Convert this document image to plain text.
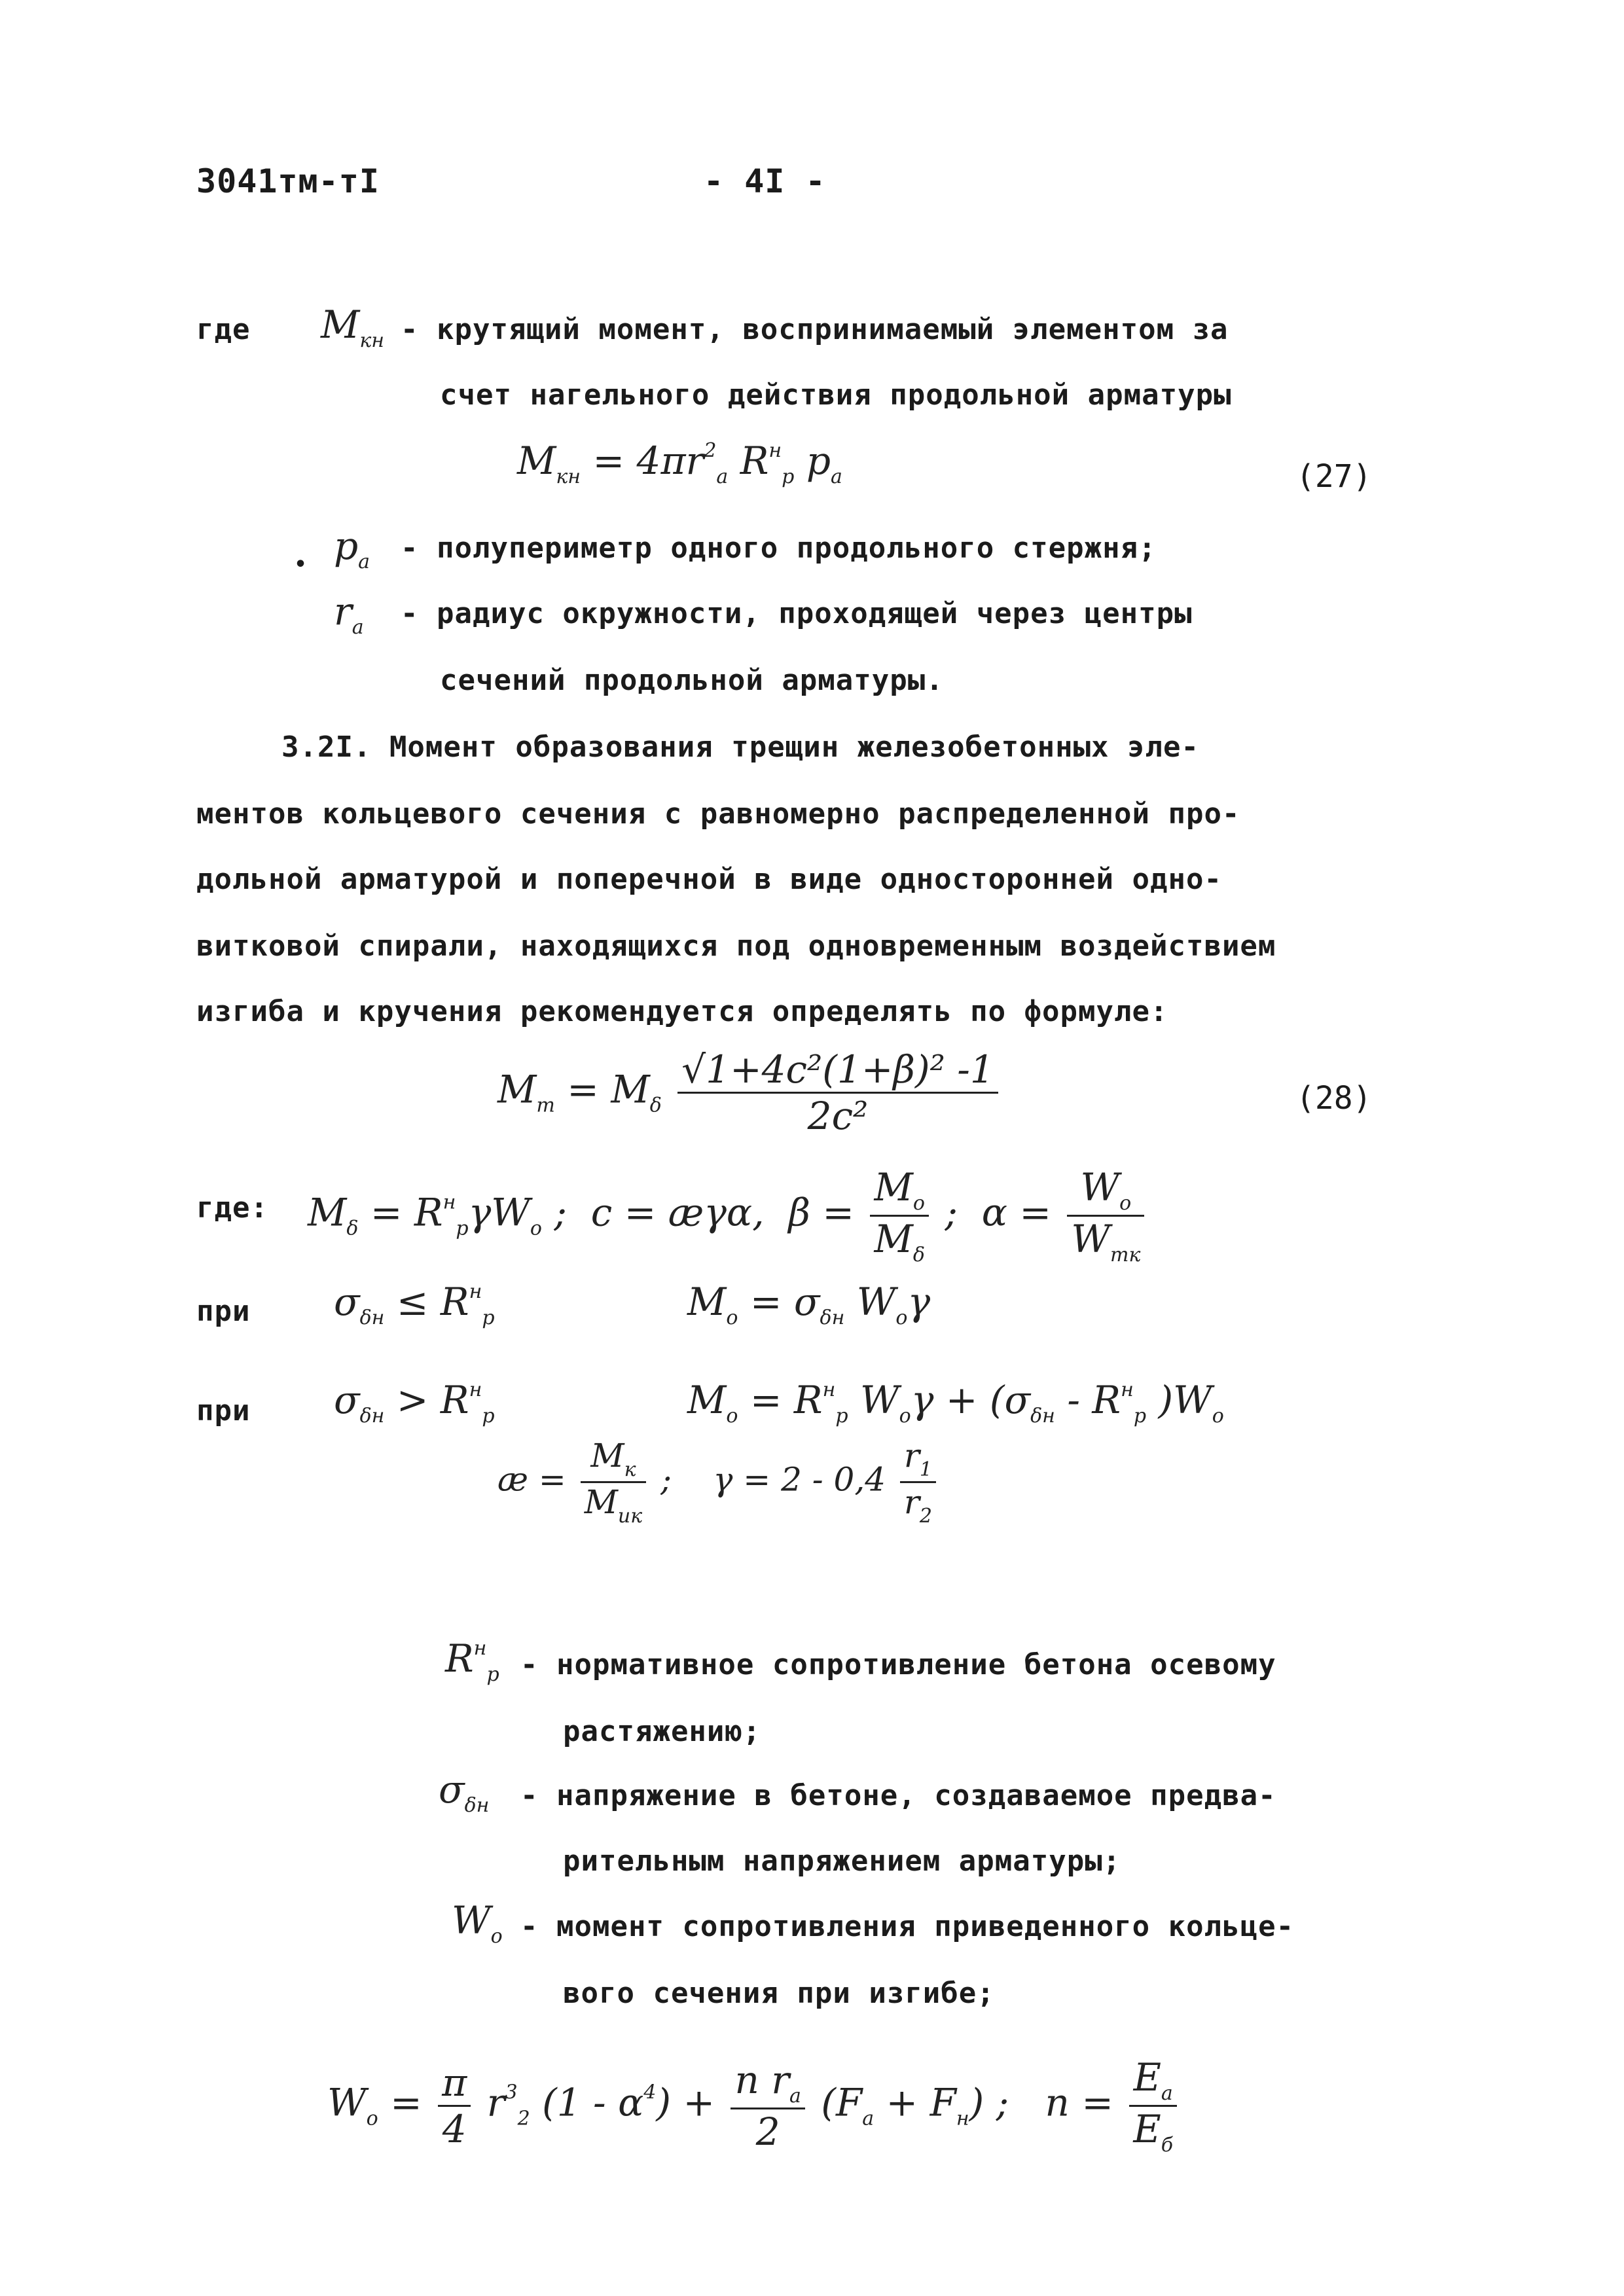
3041тм-тI	- 4I -
где $M_{кн}$ - крутящий момент, воспринимаемый элементом за
счет нагельного действия продольной арматуры
$M_{кн} = 4\pi r^2_a$ $R^н_p$ $p_a$	(27)
• $p_a$ - полупериметр одного продольного стержня;
$r_a$ - радиус окружности, проходящей через центры
сечений продольной арматуры.
3.2I. Момент образования трещин железобетонных эле-
ментов кольцевого сечения с равномерно распределенной про-
дольной арматурой и поперечной в виде односторонней одно-
витковой спирали, находящихся под одновременным воздействием
изгиба и кручения рекомендуется определять по формуле:
$M_т = M_\delta \frac{\text{√1+4c²(1+β)² -1}}{\text{2c²}}$	(28)
где: $M_\delta = R^н_p\gamma W_o$ ; c = æγα, $\beta = \frac{M_o}{M_\delta}$ ; $\alpha = \frac{W_o}{W_{тк}}$
при $\sigma_{\delta н} \le R^н_p$	$M_o = \sigma_{\delta н}$ $W_o\gamma$
при $\sigma_{\delta н} > R^н_p$	$M_o = R^н_p$ $W_o\gamma + (\sigma_{\delta н} - R^н_p$ )$W_o$
æ = $\frac{M_к}{M_{uк}}$ ; $\gamma = 2 - 0,4 \frac{r_1}{r_2}$
$R^н_p$ - нормативное сопротивление бетона осевому
растяжению;
$\sigma_{\delta н}$ - напряжение в бетоне, создаваемое предва-
рительным напряжением арматуры;
$W_o$ - момент сопротивления приведенного кольце-
вого сечения при изгибе;
$W_o = \frac{\pi}{4} r^3_2$ $(1 - \alpha^4) + \frac{n r_a}{2} (F_a + F_н)$ ; $n = \frac{E_a}{E_б}$
